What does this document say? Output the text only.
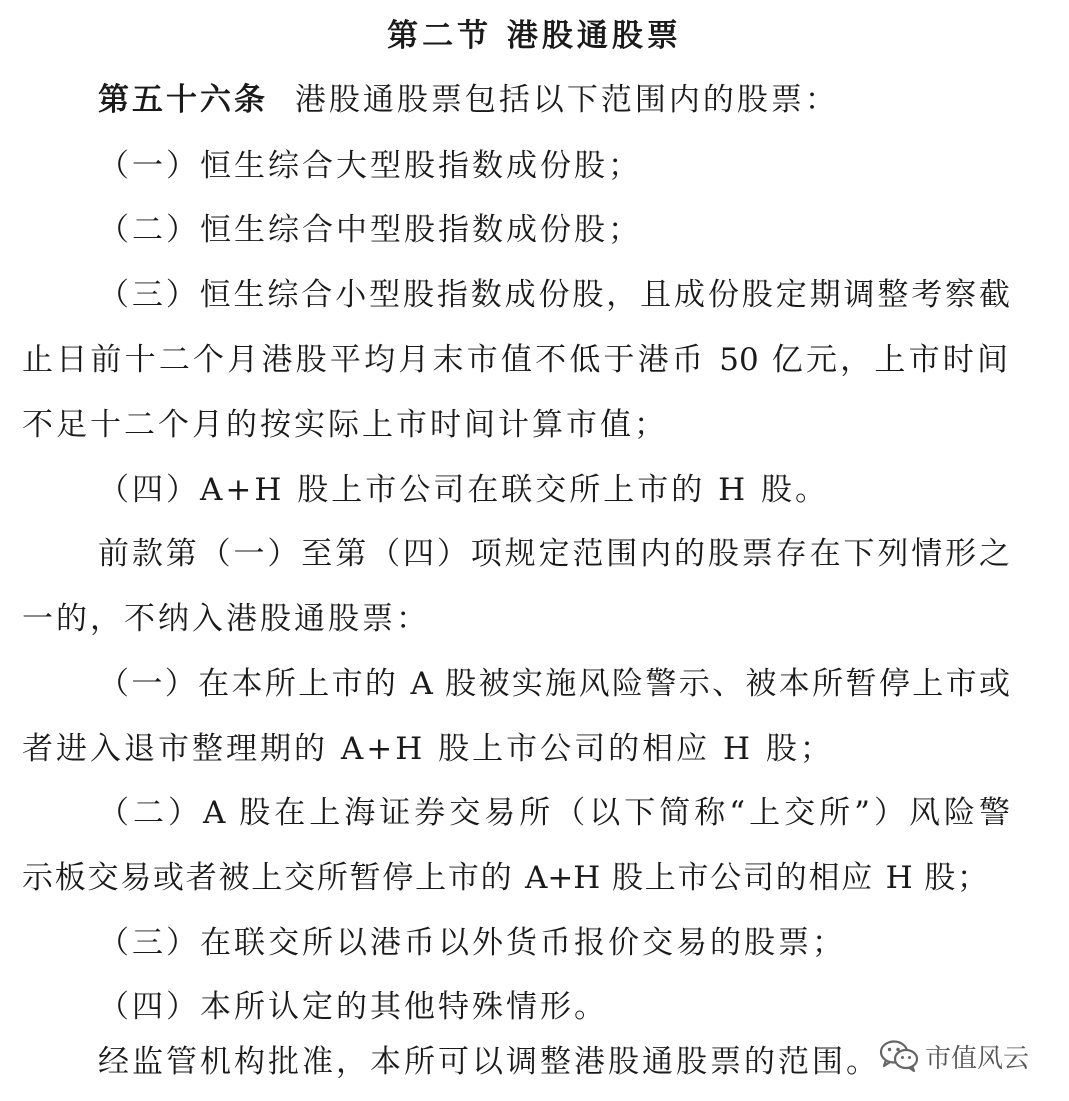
第二节 港股通股票
第五十六条 港股通股票包括以下范围内的股票：
（一）恒生综合大型股指数成份股；
（二）恒生综合中型股指数成份股；
（三）恒生综合小型股指数成份股，且成份股定期调整考察截
止日前十二个月港股平均月末市值不低于港币 50 亿元，上市时间
不足十二个月的按实际上市时间计算市值；
（四）A+H 股上市公司在联交所上市的 H 股。
前款第（一）至第（四）项规定范围内的股票存在下列情形之
一的，不纳入港股通股票：
（一）在本所上市的 A 股被实施风险警示、被本所暂停上市或
者进入退市整理期的 A+H 股上市公司的相应 H 股；
（二）A 股在上海证券交易所（以下简称“上交所”）风险警
示板交易或者被上交所暂停上市的 A+H 股上市公司的相应 H 股；
（三）在联交所以港币以外货币报价交易的股票；
（四）本所认定的其他特殊情形。
经监管机构批准，本所可以调整港股通股票的范围。 市值风云
